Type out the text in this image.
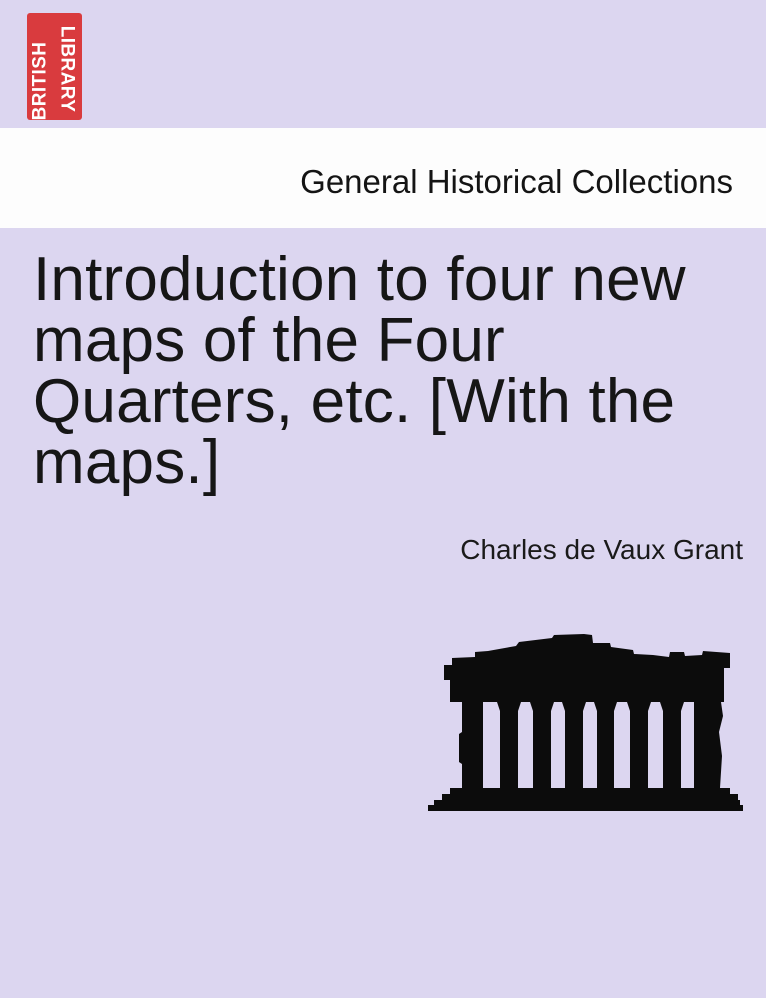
BRITISH LIBRARY
General Historical Collections
Introduction to four new
maps of the Four
Quarters, etc. [With the
maps.]
Charles de Vaux Grant
